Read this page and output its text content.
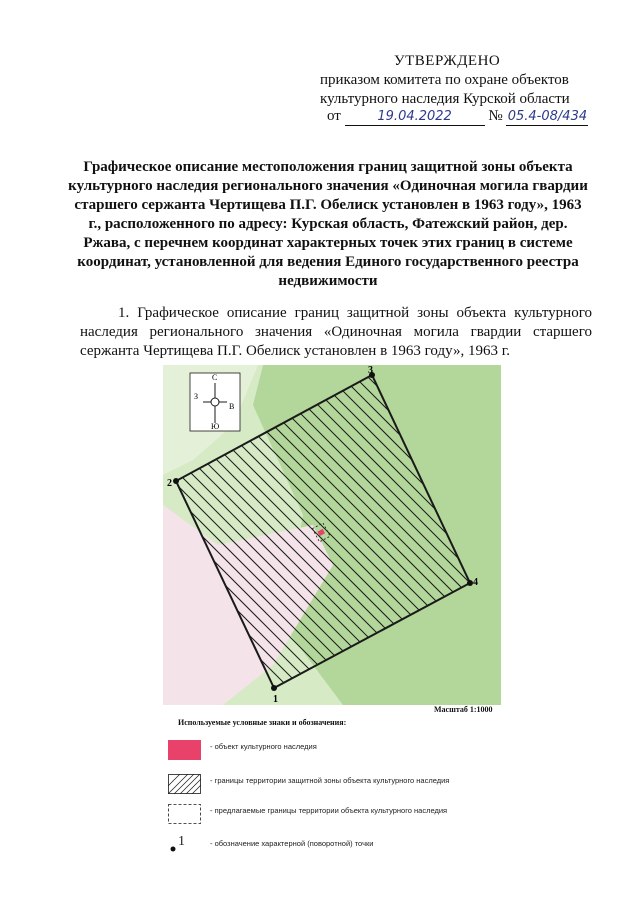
УТВЕРЖДЕНО
приказом комитета по охране объектов
культурного наследия Курской области
от	19.04.2022 № 05.4-08/434
Графическое описание местоположения границ защитной зоны объекта культурного наследия регионального значения «Одиночная могила гвардии старшего сержанта Чертищева П.Г. Обелиск установлен в 1963 году», 1963 г., расположенного по адресу: Курская область, Фатежский район, дер. Ржава, с перечнем координат характерных точек этих границ в системе координат, установленной для ведения Единого государственного реестра недвижимости
1. Графическое описание границ защитной зоны объекта культурного наследия регионального значения «Одиночная могила гвардии старшего сержанта Чертищева П.Г. Обелиск установлен в 1963 году», 1963 г.
1
2
3
4
С
Ю
З
В
Масштаб 1:1000
Используемые условные знаки и обозначения:
- объект культурного наследия
- границы территории защитной зоны объекта культурного наследия
- предлагаемые границы территории объекта культурного наследия
1	- обозначение характерной (поворотной) точки
